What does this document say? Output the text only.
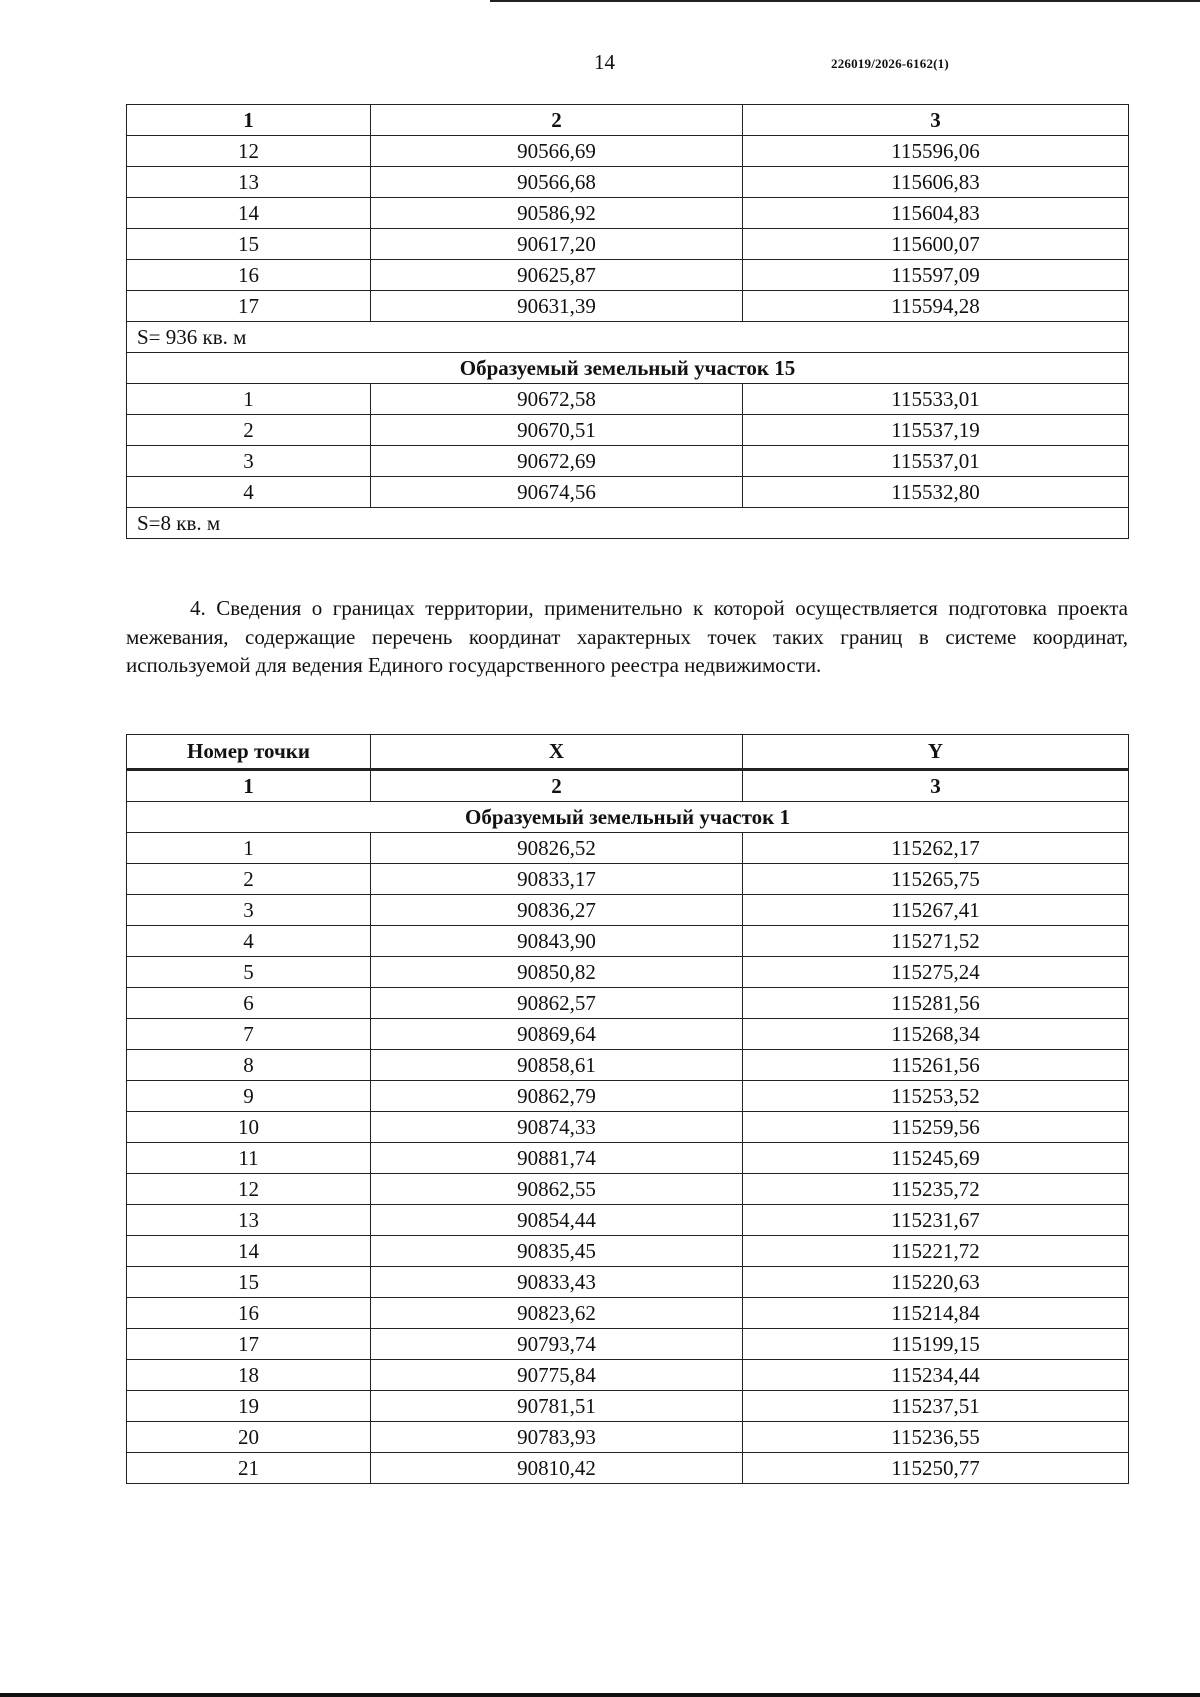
14	226019/2026-6162(1)
1	2	3
12	90566,69	115596,06
13	90566,68	115606,83
14	90586,92	115604,83
15	90617,20	115600,07
16	90625,87	115597,09
17	90631,39	115594,28
S= 936 кв. м		
Образуемый земельный участок 15		
1	90672,58	115533,01
2	90670,51	115537,19
3	90672,69	115537,01
4	90674,56	115532,80
S=8 кв. м		

4. Сведения о границах территории, применительно к которой осуществляется подготовка проекта межевания, содержащие перечень координат характерных точек таких границ в системе координат, используемой для ведения Единого государственного реестра недвижимости.

Номер точки	X	Y
1	2	3
Образуемый земельный участок 1		
1	90826,52	115262,17
2	90833,17	115265,75
3	90836,27	115267,41
4	90843,90	115271,52
5	90850,82	115275,24
6	90862,57	115281,56
7	90869,64	115268,34
8	90858,61	115261,56
9	90862,79	115253,52
10	90874,33	115259,56
11	90881,74	115245,69
12	90862,55	115235,72
13	90854,44	115231,67
14	90835,45	115221,72
15	90833,43	115220,63
16	90823,62	115214,84
17	90793,74	115199,15
18	90775,84	115234,44
19	90781,51	115237,51
20	90783,93	115236,55
21	90810,42	115250,77
